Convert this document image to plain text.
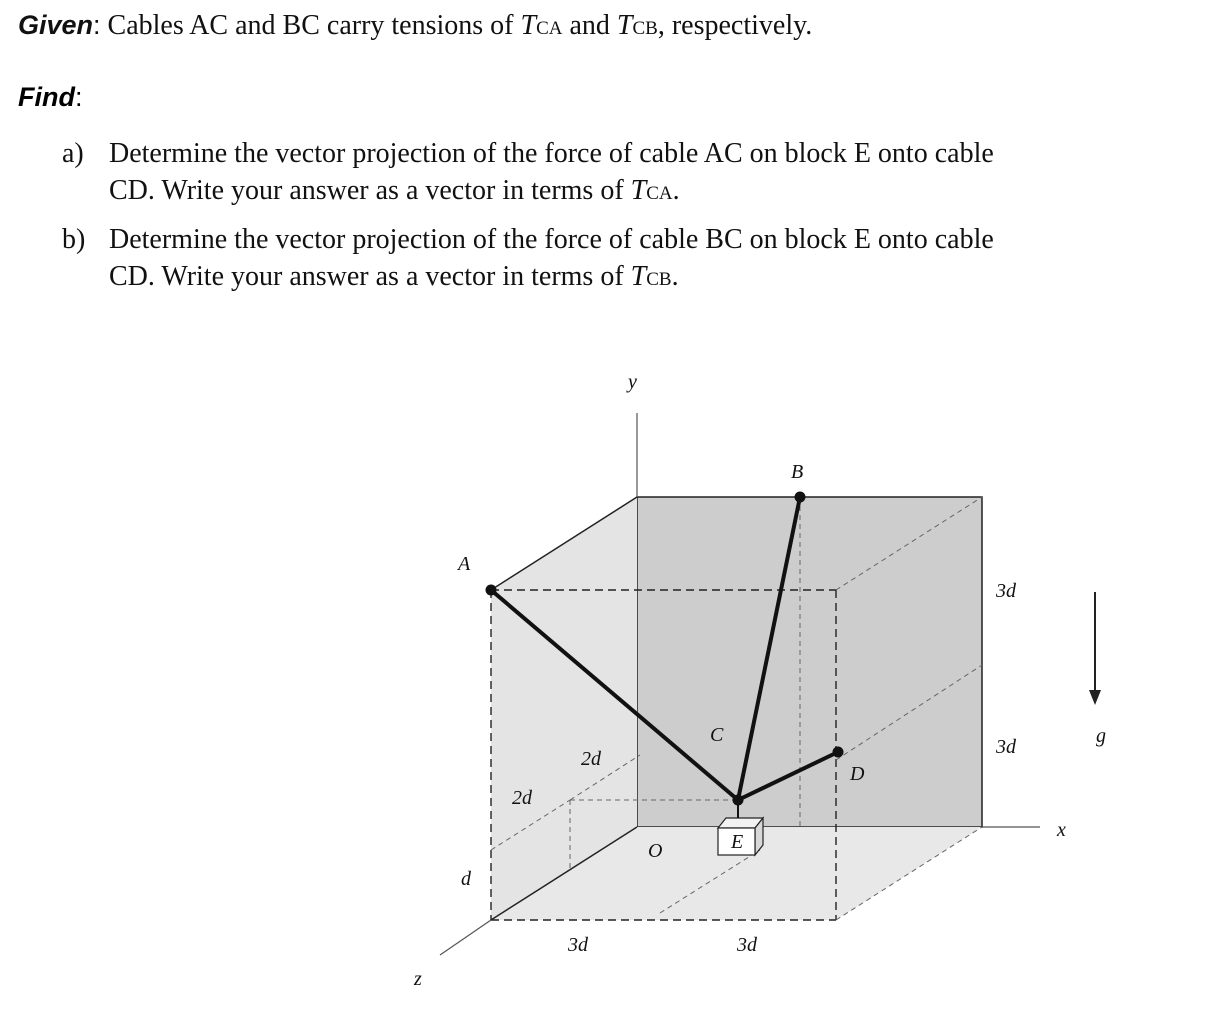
Given: Cables AC and BC carry tensions of TCA and TCB, respectively.
Find:
a) Determine the vector projection of the force of cable AC on block E onto cable
CD. Write your answer as a vector in terms of TCA.
b) Determine the vector projection of the force of cable BC on block E onto cable
CD. Write your answer as a vector in terms of TCB.
y
x
z
A
B
C
D
E
O
3d
3d
2d
2d
d
3d	3d
g
